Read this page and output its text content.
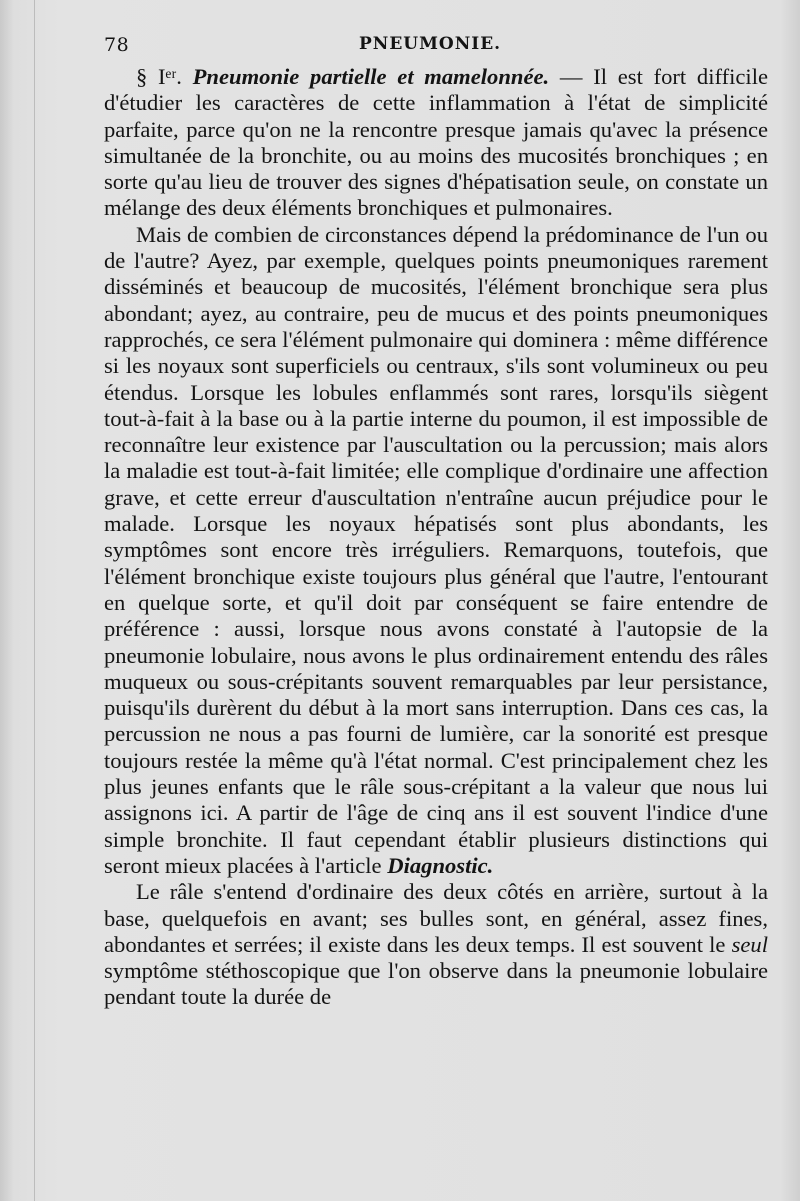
78	PNEUMONIE.

§ Iᵉʳ. Pneumonie partielle et mamelonnée. — Il est fort difficile d'étudier les caractères de cette inflammation à l'état de simplicité parfaite, parce qu'on ne la rencontre presque jamais qu'avec la présence simultanée de la bronchite, ou au moins des mucosités bronchiques ; en sorte qu'au lieu de trouver des signes d'hépatisation seule, on constate un mélange des deux éléments bronchiques et pulmonaires.

Mais de combien de circonstances dépend la prédominance de l'un ou de l'autre? Ayez, par exemple, quelques points pneumoniques rarement disséminés et beaucoup de mucosités, l'élément bronchique sera plus abondant; ayez, au contraire, peu de mucus et des points pneumoniques rapprochés, ce sera l'élément pulmonaire qui dominera : même différence si les noyaux sont superficiels ou centraux, s'ils sont volumineux ou peu étendus. Lorsque les lobules enflammés sont rares, lorsqu'ils siègent tout-à-fait à la base ou à la partie interne du poumon, il est impossible de reconnaître leur existence par l'auscultation ou la percussion; mais alors la maladie est tout-à-fait limitée; elle complique d'ordinaire une affection grave, et cette erreur d'auscultation n'entraîne aucun préjudice pour le malade. Lorsque les noyaux hépatisés sont plus abondants, les symptômes sont encore très irréguliers. Remarquons, toutefois, que l'élément bronchique existe toujours plus général que l'autre, l'entourant en quelque sorte, et qu'il doit par conséquent se faire entendre de préférence : aussi, lorsque nous avons constaté à l'autopsie de la pneumonie lobulaire, nous avons le plus ordinairement entendu des râles muqueux ou sous-crépitants souvent remarquables par leur persistance, puisqu'ils durèrent du début à la mort sans interruption. Dans ces cas, la percussion ne nous a pas fourni de lumière, car la sonorité est presque toujours restée la même qu'à l'état normal. C'est principalement chez les plus jeunes enfants que le râle sous-crépitant a la valeur que nous lui assignons ici. A partir de l'âge de cinq ans il est souvent l'indice d'une simple bronchite. Il faut cependant établir plusieurs distinctions qui seront mieux placées à l'article Diagnostic.

Le râle s'entend d'ordinaire des deux côtés en arrière, surtout à la base, quelquefois en avant; ses bulles sont, en général, assez fines, abondantes et serrées; il existe dans les deux temps. Il est souvent le seul symptôme stéthoscopique que l'on observe dans la pneumonie lobulaire pendant toute la durée de
